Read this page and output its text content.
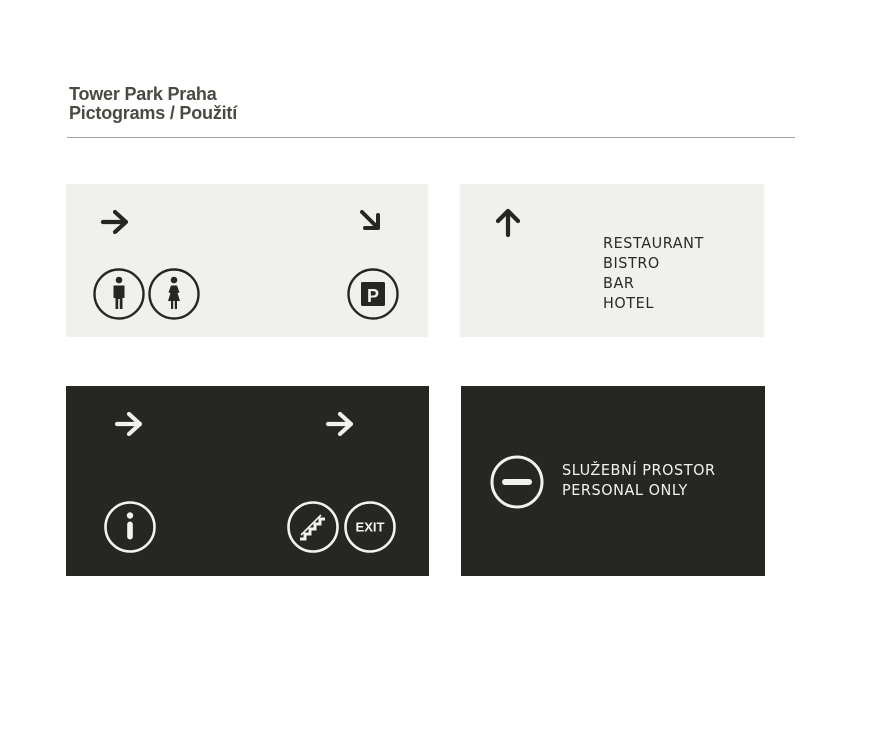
Tower Park Praha
Pictograms / Použití
P
RESTAURANT
BISTRO
BAR
HOTEL
EXIT
SLUŽEBNÍ PROSTOR
PERSONAL ONLY
